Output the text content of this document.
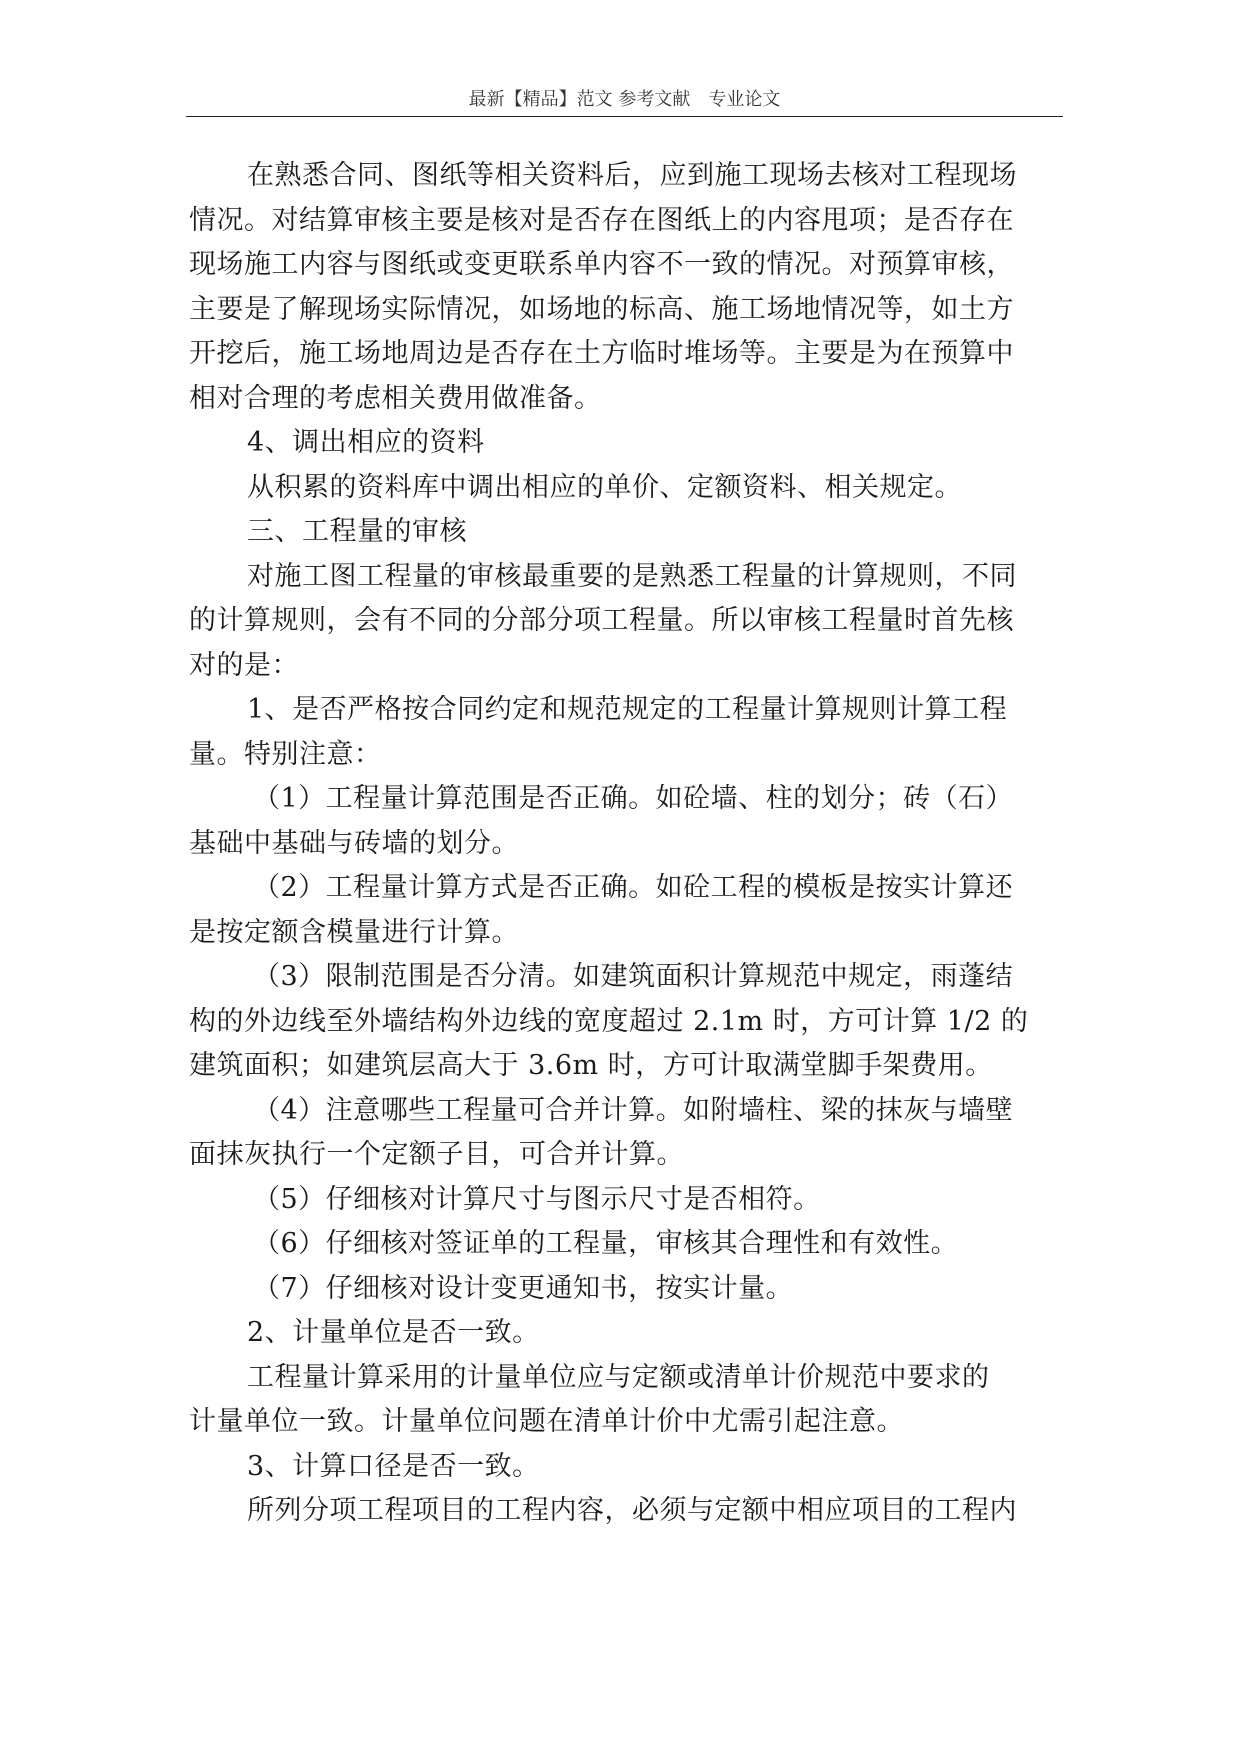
最新【精品】范文 参考文献　专业论文
在熟悉合同、图纸等相关资料后，应到施工现场去核对工程现场
情况。对结算审核主要是核对是否存在图纸上的内容甩项；是否存在
现场施工内容与图纸或变更联系单内容不一致的情况。对预算审核，
主要是了解现场实际情况，如场地的标高、施工场地情况等，如土方
开挖后，施工场地周边是否存在土方临时堆场等。主要是为在预算中
相对合理的考虑相关费用做准备。
4、调出相应的资料
从积累的资料库中调出相应的单价、定额资料、相关规定。
三、工程量的审核
对施工图工程量的审核最重要的是熟悉工程量的计算规则，不同
的计算规则，会有不同的分部分项工程量。所以审核工程量时首先核
对的是：
1、是否严格按合同约定和规范规定的工程量计算规则计算工程
量。特别注意：
（1）工程量计算范围是否正确。如砼墙、柱的划分；砖（石）
基础中基础与砖墙的划分。
（2）工程量计算方式是否正确。如砼工程的模板是按实计算还
是按定额含模量进行计算。
（3）限制范围是否分清。如建筑面积计算规范中规定，雨蓬结
构的外边线至外墙结构外边线的宽度超过 2.1m 时，方可计算 1/2 的
建筑面积；如建筑层高大于 3.6m 时，方可计取满堂脚手架费用。
（4）注意哪些工程量可合并计算。如附墙柱、梁的抹灰与墙壁
面抹灰执行一个定额子目，可合并计算。
（5）仔细核对计算尺寸与图示尺寸是否相符。
（6）仔细核对签证单的工程量，审核其合理性和有效性。
（7）仔细核对设计变更通知书，按实计量。
2、计量单位是否一致。
工程量计算采用的计量单位应与定额或清单计价规范中要求的
计量单位一致。计量单位问题在清单计价中尤需引起注意。
3、计算口径是否一致。
所列分项工程项目的工程内容，必须与定额中相应项目的工程内
